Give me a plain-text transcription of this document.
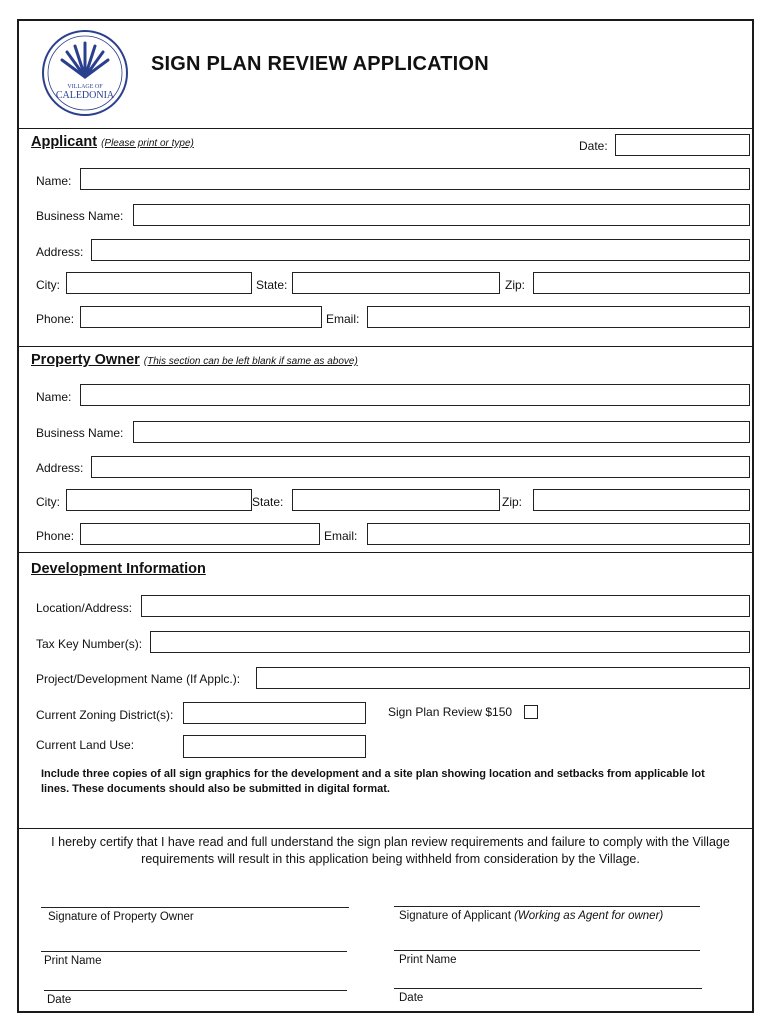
VILLAGE OF
CALEDONIA
SIGN PLAN REVIEW APPLICATION
Applicant (Please print or type)	Date:
Name:
Business Name:
Address:
City:	State:	Zip:
Phone:	Email:
Property Owner (This section can be left blank if same as above)
Name:
Business Name:
Address:
City:	State:	Zip:
Phone:	Email:
Development Information
Location/Address:
Tax Key Number(s):
Project/Development Name (If Applc.):
Current Zoning District(s):	Sign Plan Review $150
Current Land Use:
Include three copies of all sign graphics for the development and a site plan showing location and setbacks from applicable lot lines. These documents should also be submitted in digital format.
I hereby certify that I have read and full understand the sign plan review requirements and failure to comply with the Village requirements will result in this application being withheld from consideration by the Village.
Signature of Property Owner	Signature of Applicant (Working as Agent for owner)
Print Name	Print Name
Date	Date
